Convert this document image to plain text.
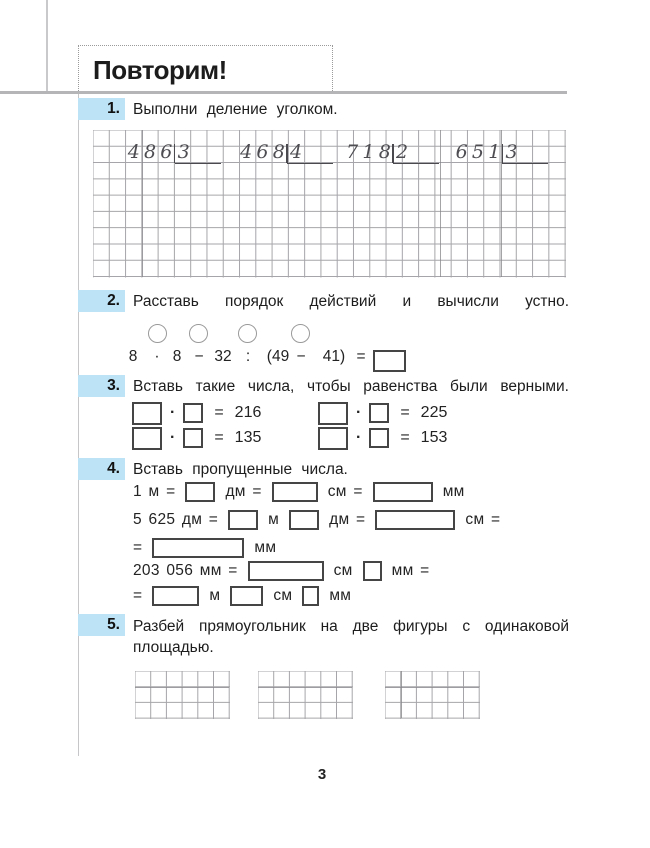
Повторим!
3
1. Выполни деление уголком.
2. Расставь порядок действий и вычисли устно.
3. Вставь такие числа, чтобы равенства были верными.
4. Вставь пропущенные числа.
5. Разбей прямоугольник на две фигуры с одинаковой площадью.
4 8 6 3	4 6 8 4 7 1 8 2	6 5 1 3
8 · 8 − 32 : (49 − 41) =
· = 216	· = 225
· = 135	· = 153
1 м =	дм =	см =	мм
5 625 дм =	м	дм =	см =
=	мм
203 056 мм =	см	мм =
=	м	см мм
